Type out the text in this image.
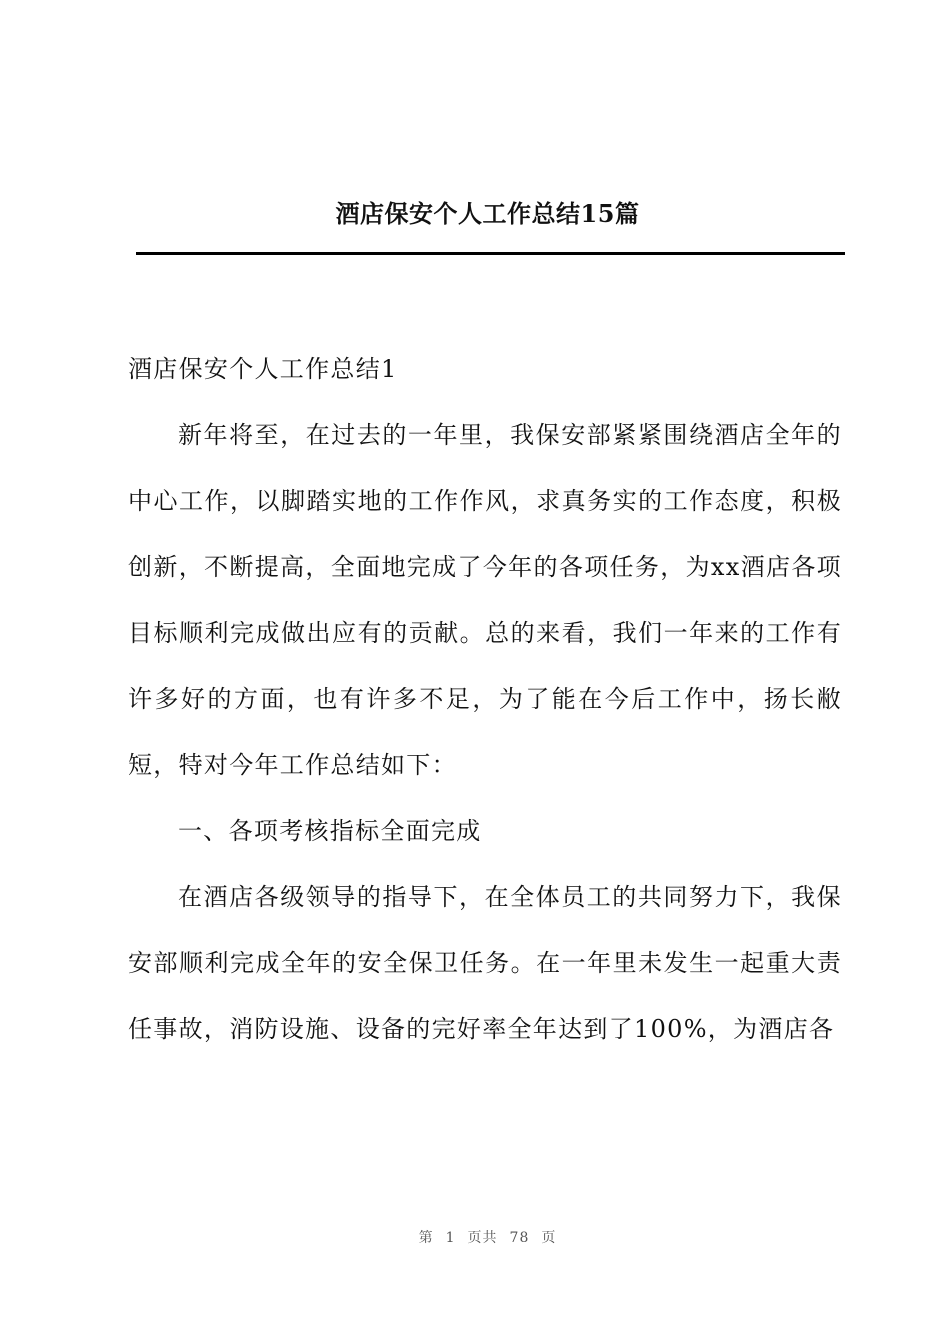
酒店保安个人工作总结15篇

酒店保安个人工作总结1

新年将至，在过去的一年里，我保安部紧紧围绕酒店全年的中心工作，以脚踏实地的工作作风，求真务实的工作态度，积极创新，不断提高，全面地完成了今年的各项任务，为xx酒店各项目标顺利完成做出应有的贡献。总的来看，我们一年来的工作有许多好的方面，也有许多不足，为了能在今后工作中，扬长敝短，特对今年工作总结如下：

一、各项考核指标全面完成

在酒店各级领导的指导下，在全体员工的共同努力下，我保安部顺利完成全年的安全保卫任务。在一年里未发生一起重大责任事故，消防设施、设备的完好率全年达到了100%，为酒店各

第 1 页共 78 页
